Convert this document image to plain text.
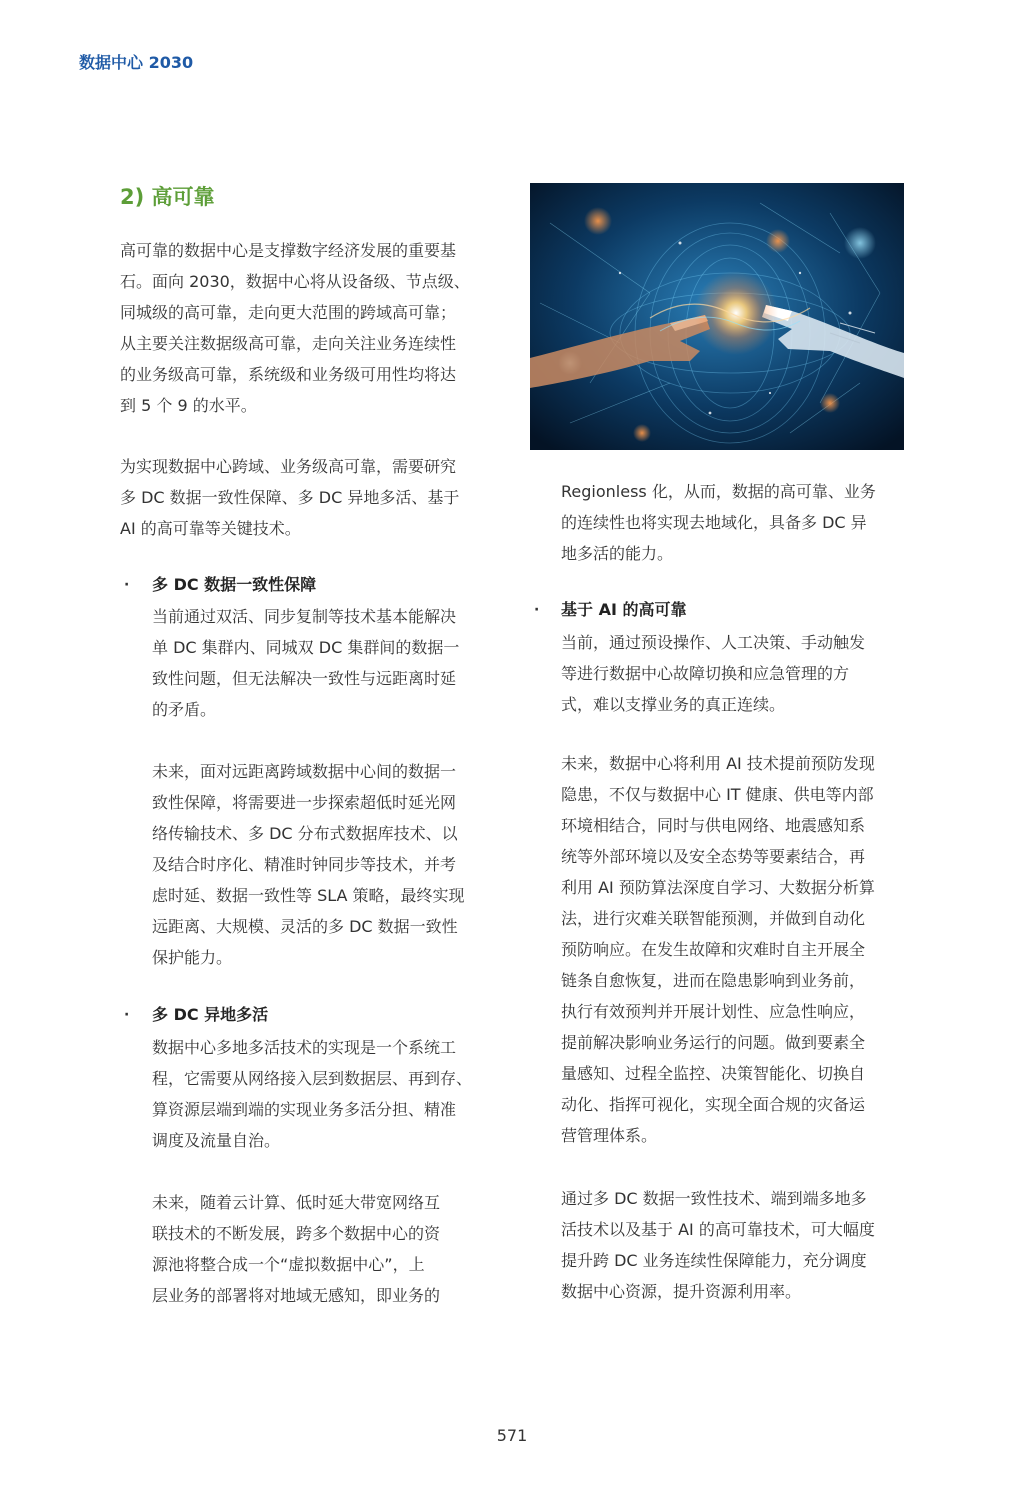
数据中心 2030
2) 高可靠
高可靠的数据中心是支撑数字经济发展的重要基
石。面向 2030，数据中心将从设备级、节点级、
同城级的高可靠，走向更大范围的跨域高可靠；
从主要关注数据级高可靠，走向关注业务连续性
的业务级高可靠，系统级和业务级可用性均将达
到 5 个 9 的水平。
为实现数据中心跨域、业务级高可靠，需要研究
多 DC 数据一致性保障、多 DC 异地多活、基于
AI 的高可靠等关键技术。
· 多 DC 数据一致性保障
当前通过双活、同步复制等技术基本能解决
单 DC 集群内、同城双 DC 集群间的数据一
致性问题，但无法解决一致性与远距离时延
的矛盾。
未来，面对远距离跨域数据中心间的数据一
致性保障，将需要进一步探索超低时延光网
络传输技术、多 DC 分布式数据库技术、以
及结合时序化、精准时钟同步等技术，并考
虑时延、数据一致性等 SLA 策略，最终实现
远距离、大规模、灵活的多 DC 数据一致性
保护能力。
· 多 DC 异地多活
数据中心多地多活技术的实现是一个系统工
程，它需要从网络接入层到数据层、再到存、
算资源层端到端的实现业务多活分担、精准
调度及流量自治。
未来，随着云计算、低时延大带宽网络互
联技术的不断发展，跨多个数据中心的资
源池将整合成一个“虚拟数据中心”，上
层业务的部署将对地域无感知，即业务的
Regionless 化，从而，数据的高可靠、业务
的连续性也将实现去地域化，具备多 DC 异
地多活的能力。
· 基于 AI 的高可靠
当前，通过预设操作、人工决策、手动触发
等进行数据中心故障切换和应急管理的方
式，难以支撑业务的真正连续。
未来，数据中心将利用 AI 技术提前预防发现
隐患，不仅与数据中心 IT 健康、供电等内部
环境相结合，同时与供电网络、地震感知系
统等外部环境以及安全态势等要素结合，再
利用 AI 预防算法深度自学习、大数据分析算
法，进行灾难关联智能预测，并做到自动化
预防响应。在发生故障和灾难时自主开展全
链条自愈恢复，进而在隐患影响到业务前，
执行有效预判并开展计划性、应急性响应，
提前解决影响业务运行的问题。做到要素全
量感知、过程全监控、决策智能化、切换自
动化、指挥可视化，实现全面合规的灾备运
营管理体系。
通过多 DC 数据一致性技术、端到端多地多
活技术以及基于 AI 的高可靠技术，可大幅度
提升跨 DC 业务连续性保障能力，充分调度
数据中心资源，提升资源利用率。
571
